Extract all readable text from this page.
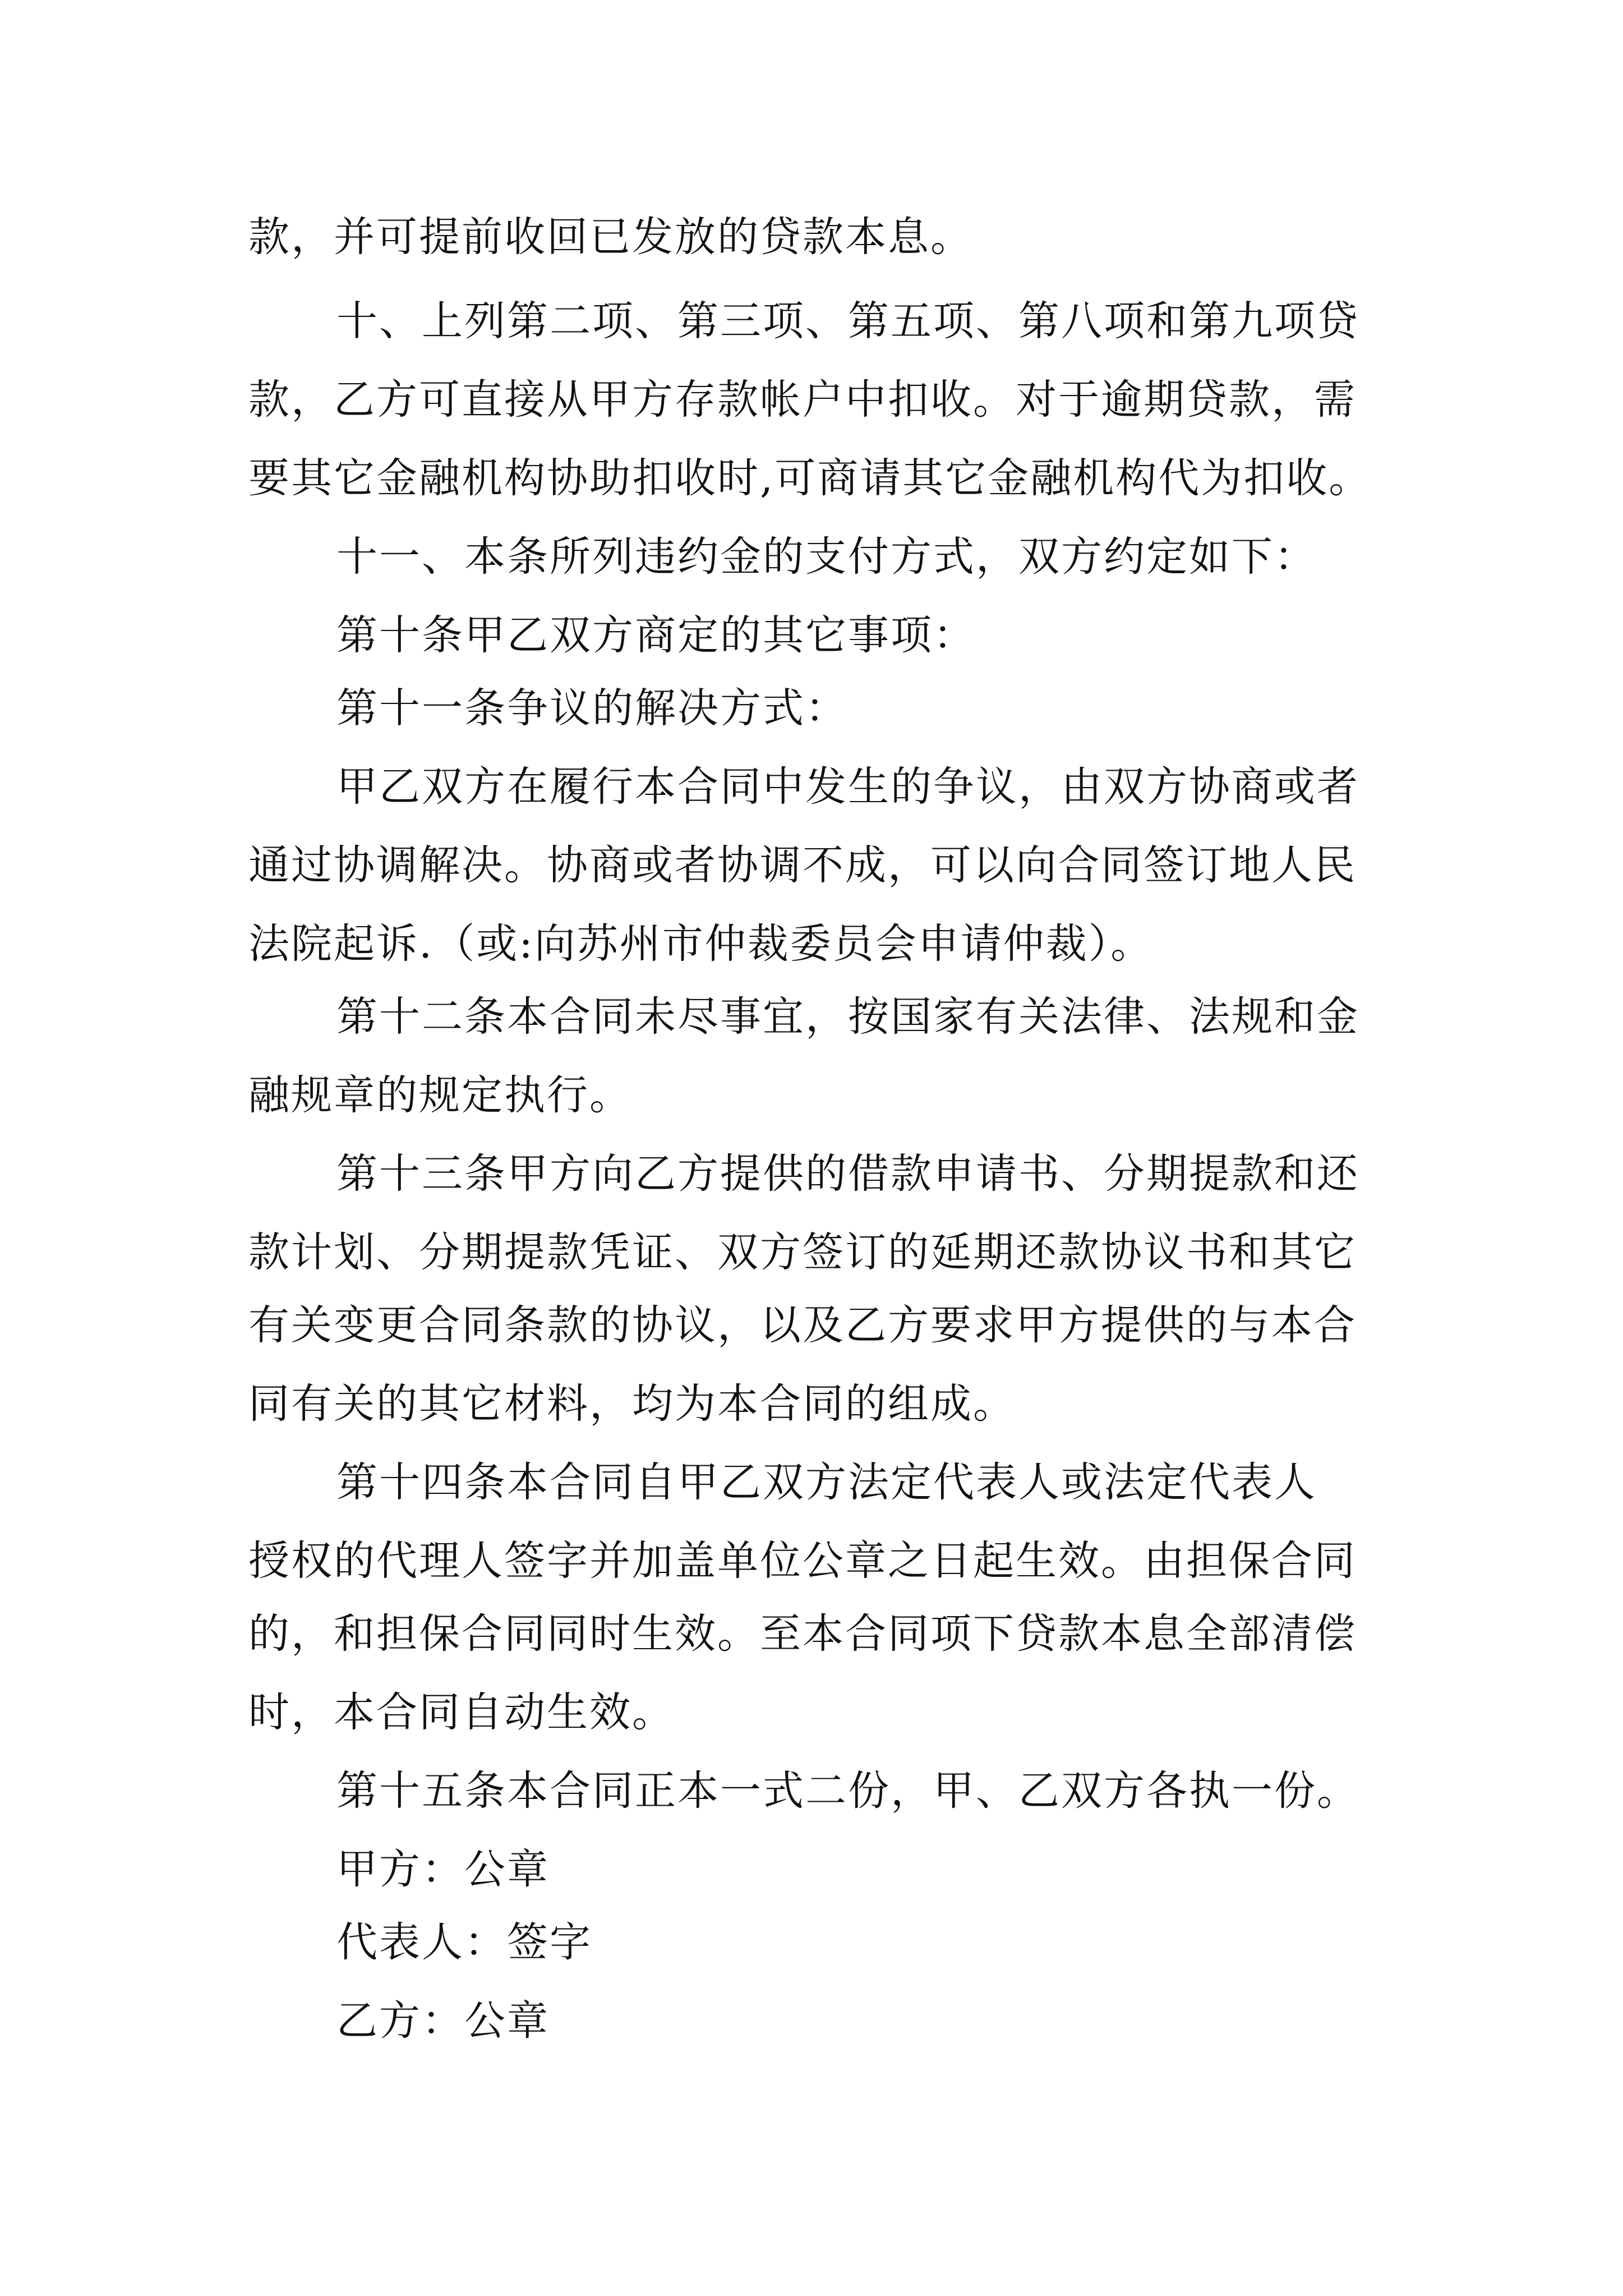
款，并可提前收回已发放的贷款本息。
十、上列第二项、第三项、第五项、第八项和第九项贷
款，乙方可直接从甲方存款帐户中扣收。对于逾期贷款，需
要其它金融机构协助扣收时,可商请其它金融机构代为扣收。
十一、本条所列违约金的支付方式，双方约定如下：
第十条甲乙双方商定的其它事项：
第十一条争议的解决方式：
甲乙双方在履行本合同中发生的争议，由双方协商或者
通过协调解决。协商或者协调不成，可以向合同签订地人民
法院起诉.（或:向苏州市仲裁委员会申请仲裁）。
第十二条本合同未尽事宜，按国家有关法律、法规和金
融规章的规定执行。
第十三条甲方向乙方提供的借款申请书、分期提款和还
款计划、分期提款凭证、双方签订的延期还款协议书和其它
有关变更合同条款的协议，以及乙方要求甲方提供的与本合
同有关的其它材料，均为本合同的组成。
第十四条本合同自甲乙双方法定代表人或法定代表人
授权的代理人签字并加盖单位公章之日起生效。由担保合同
的，和担保合同同时生效。至本合同项下贷款本息全部清偿
时，本合同自动生效。
第十五条本合同正本一式二份，甲、乙双方各执一份。
甲方：公章
代表人：签字
乙方：公章
